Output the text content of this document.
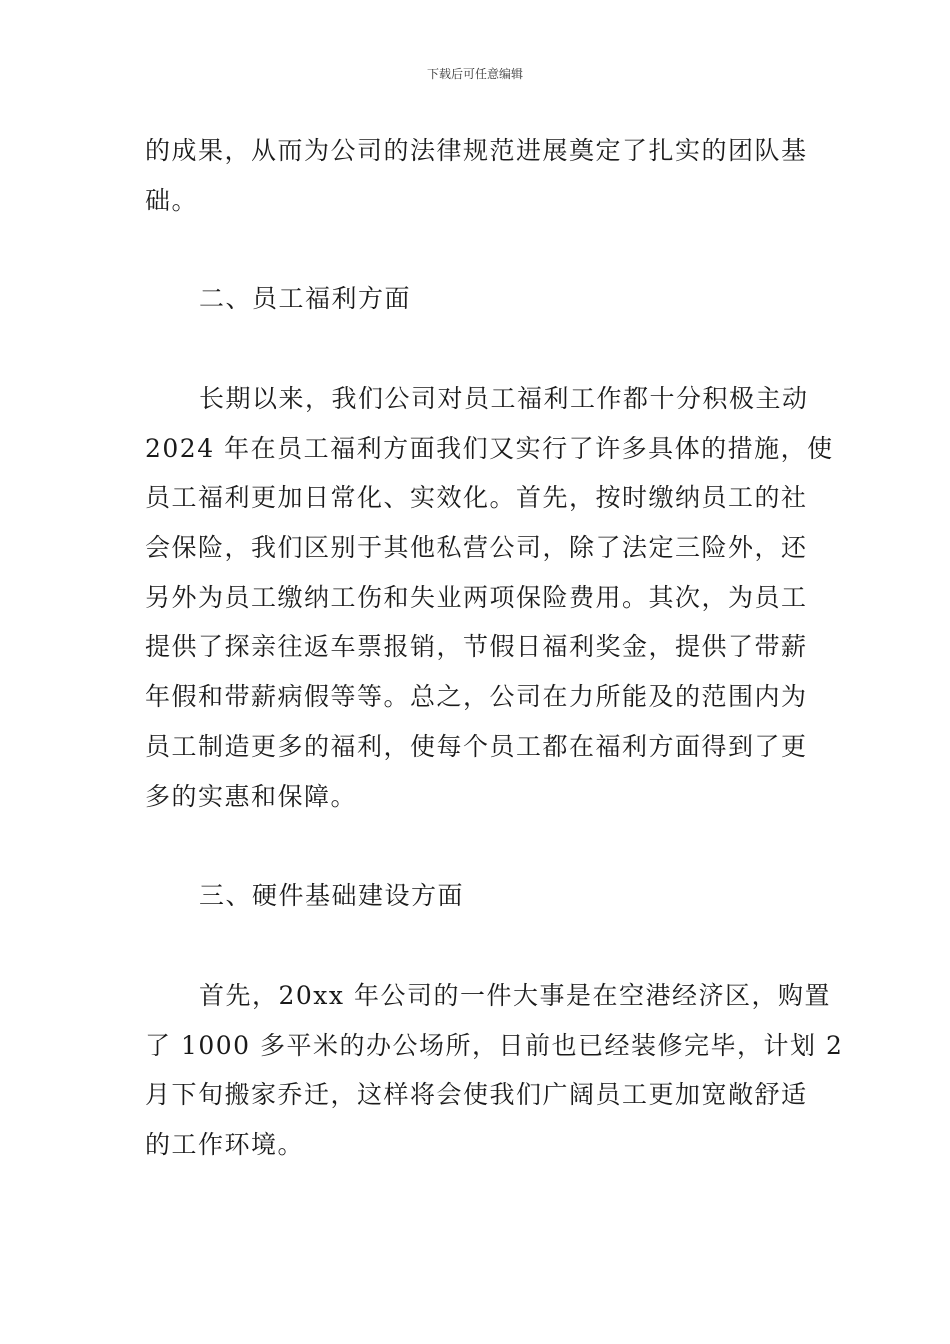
下载后可任意编辑
的成果，从而为公司的法律规范进展奠定了扎实的团队基
础。
二、员工福利方面
长期以来，我们公司对员工福利工作都十分积极主动
2024 年在员工福利方面我们又实行了许多具体的措施，使
员工福利更加日常化、实效化。首先，按时缴纳员工的社
会保险，我们区别于其他私营公司，除了法定三险外，还
另外为员工缴纳工伤和失业两项保险费用。其次，为员工
提供了探亲往返车票报销，节假日福利奖金，提供了带薪
年假和带薪病假等等。总之，公司在力所能及的范围内为
员工制造更多的福利，使每个员工都在福利方面得到了更
多的实惠和保障。
三、硬件基础建设方面
首先，20xx 年公司的一件大事是在空港经济区，购置
了 1000 多平米的办公场所，日前也已经装修完毕，计划 2
月下旬搬家乔迁，这样将会使我们广阔员工更加宽敞舒适
的工作环境。
